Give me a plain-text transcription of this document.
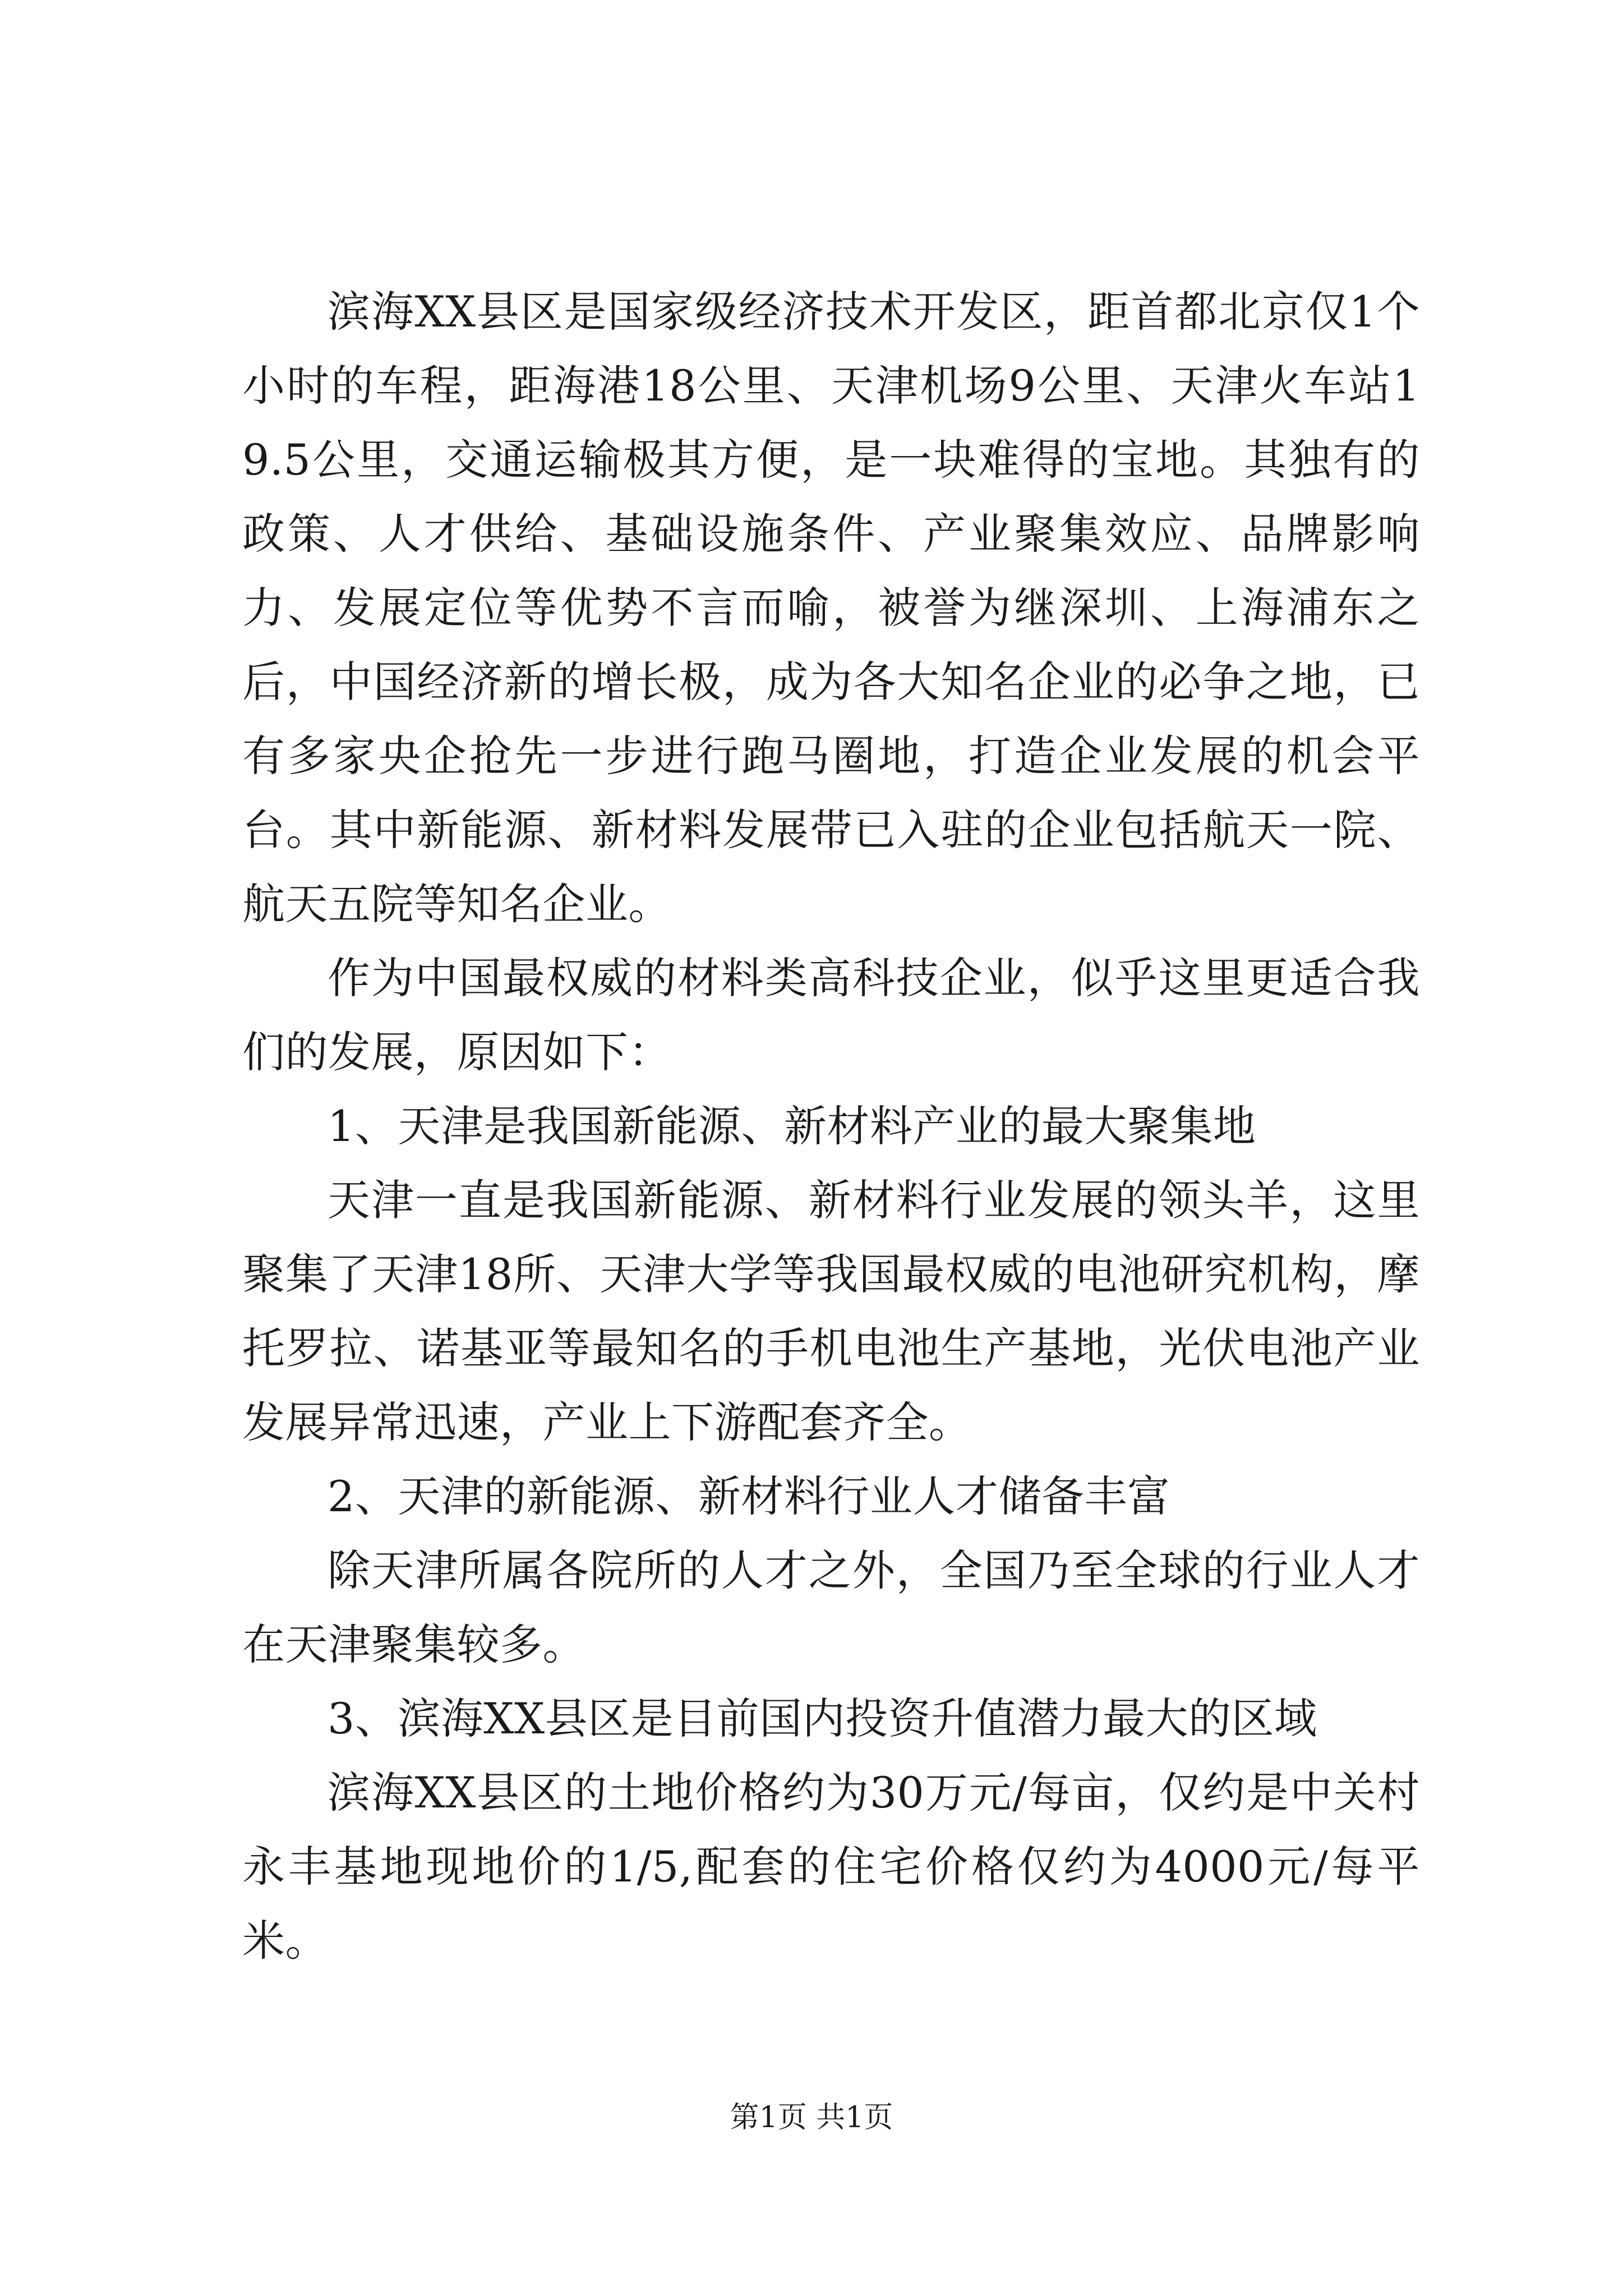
滨海XX县区是国家级经济技术开发区，距首都北京仅1个小时的车程，距海港18公里、天津机场9公里、天津火车站19.5公里，交通运输极其方便，是一块难得的宝地。其独有的政策、人才供给、基础设施条件、产业聚集效应、品牌影响力、发展定位等优势不言而喻，被誉为继深圳、上海浦东之后，中国经济新的增长极，成为各大知名企业的必争之地，已有多家央企抢先一步进行跑马圈地，打造企业发展的机会平台。其中新能源、新材料发展带已入驻的企业包括航天一院、航天五院等知名企业。

作为中国最权威的材料类高科技企业，似乎这里更适合我们的发展，原因如下：

1、天津是我国新能源、新材料产业的最大聚集地

天津一直是我国新能源、新材料行业发展的领头羊，这里聚集了天津18所、天津大学等我国最权威的电池研究机构，摩托罗拉、诺基亚等最知名的手机电池生产基地，光伏电池产业发展异常迅速，产业上下游配套齐全。

2、天津的新能源、新材料行业人才储备丰富

除天津所属各院所的人才之外，全国乃至全球的行业人才在天津聚集较多。

3、滨海XX县区是目前国内投资升值潜力最大的区域

滨海XX县区的土地价格约为30万元/每亩，仅约是中关村永丰基地现地价的1/5,配套的住宅价格仅约为4000元/每平米。

第1页 共1页
